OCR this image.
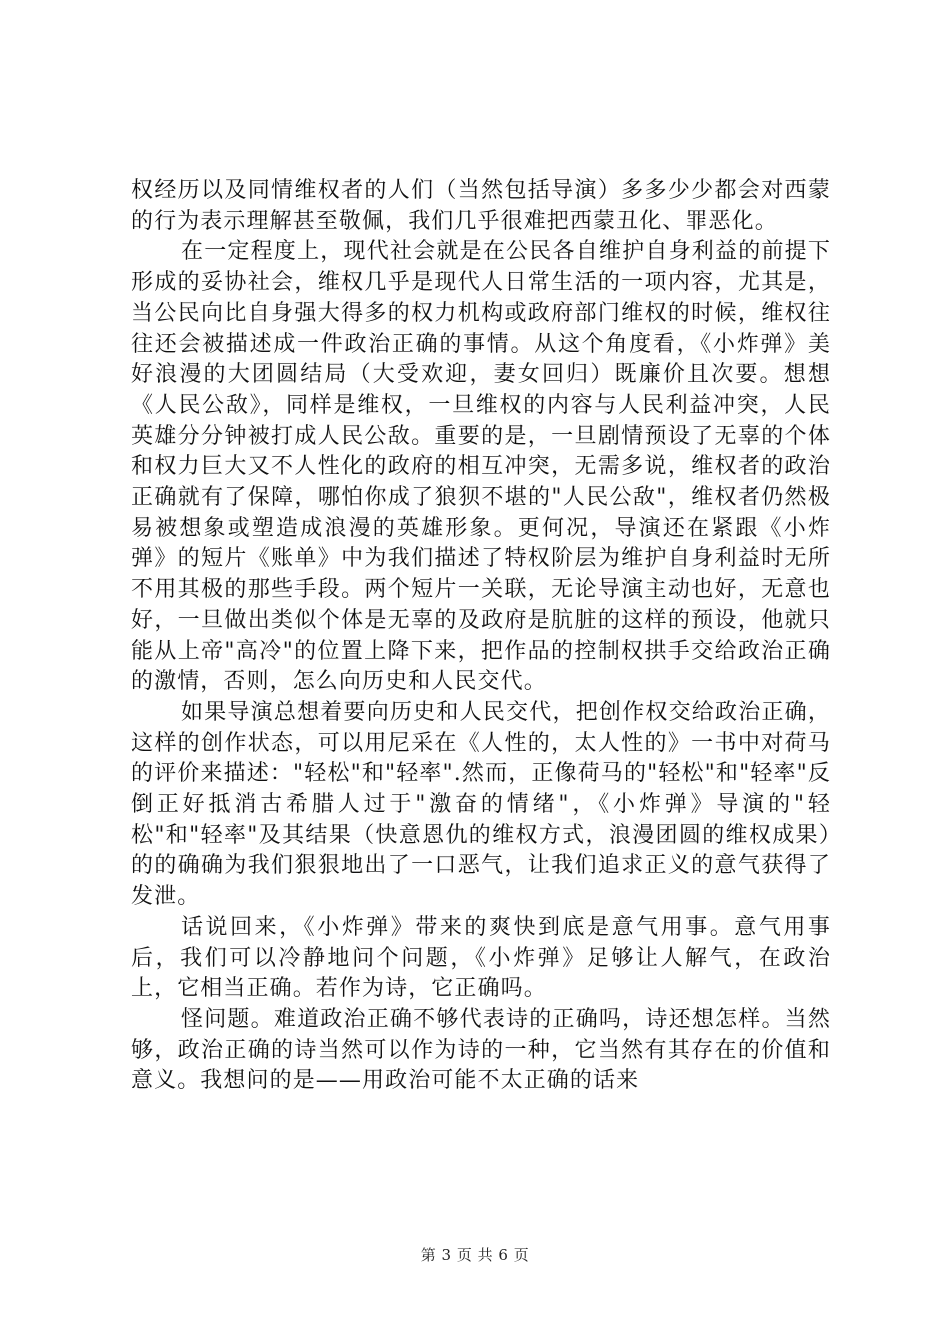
权经历以及同情维权者的人们（当然包括导演）多多少少都会对西蒙的行为表示理解甚至敬佩，我们几乎很难把西蒙丑化、罪恶化。

在一定程度上，现代社会就是在公民各自维护自身利益的前提下形成的妥协社会，维权几乎是现代人日常生活的一项内容，尤其是，当公民向比自身强大得多的权力机构或政府部门维权的时候，维权往往还会被描述成一件政治正确的事情。从这个角度看，《小炸弹》美好浪漫的大团圆结局（大受欢迎，妻女回归）既廉价且次要。想想《人民公敌》，同样是维权，一旦维权的内容与人民利益冲突，人民英雄分分钟被打成人民公敌。重要的是，一旦剧情预设了无辜的个体和权力巨大又不人性化的政府的相互冲突，无需多说，维权者的政治正确就有了保障，哪怕你成了狼狈不堪的"人民公敌"，维权者仍然极易被想象或塑造成浪漫的英雄形象。更何况，导演还在紧跟《小炸弹》的短片《账单》中为我们描述了特权阶层为维护自身利益时无所不用其极的那些手段。两个短片一关联，无论导演主动也好，无意也好，一旦做出类似个体是无辜的及政府是肮脏的这样的预设，他就只能从上帝"高冷"的位置上降下来，把作品的控制权拱手交给政治正确的激情，否则，怎么向历史和人民交代。

如果导演总想着要向历史和人民交代，把创作权交给政治正确，这样的创作状态，可以用尼采在《人性的，太人性的》一书中对荷马的评价来描述："轻松"和"轻率".然而，正像荷马的"轻松"和"轻率"反倒正好抵消古希腊人过于"激奋的情绪"，《小炸弹》导演的"轻松"和"轻率"及其结果（快意恩仇的维权方式，浪漫团圆的维权成果）的的确确为我们狠狠地出了一口恶气，让我们追求正义的意气获得了发泄。

话说回来，《小炸弹》带来的爽快到底是意气用事。意气用事后，我们可以冷静地问个问题，《小炸弹》足够让人解气，在政治上，它相当正确。若作为诗，它正确吗。

怪问题。难道政治正确不够代表诗的正确吗，诗还想怎样。当然够，政治正确的诗当然可以作为诗的一种，它当然有其存在的价值和意义。我想问的是——用政治可能不太正确的话来

第 3 页 共 6 页
